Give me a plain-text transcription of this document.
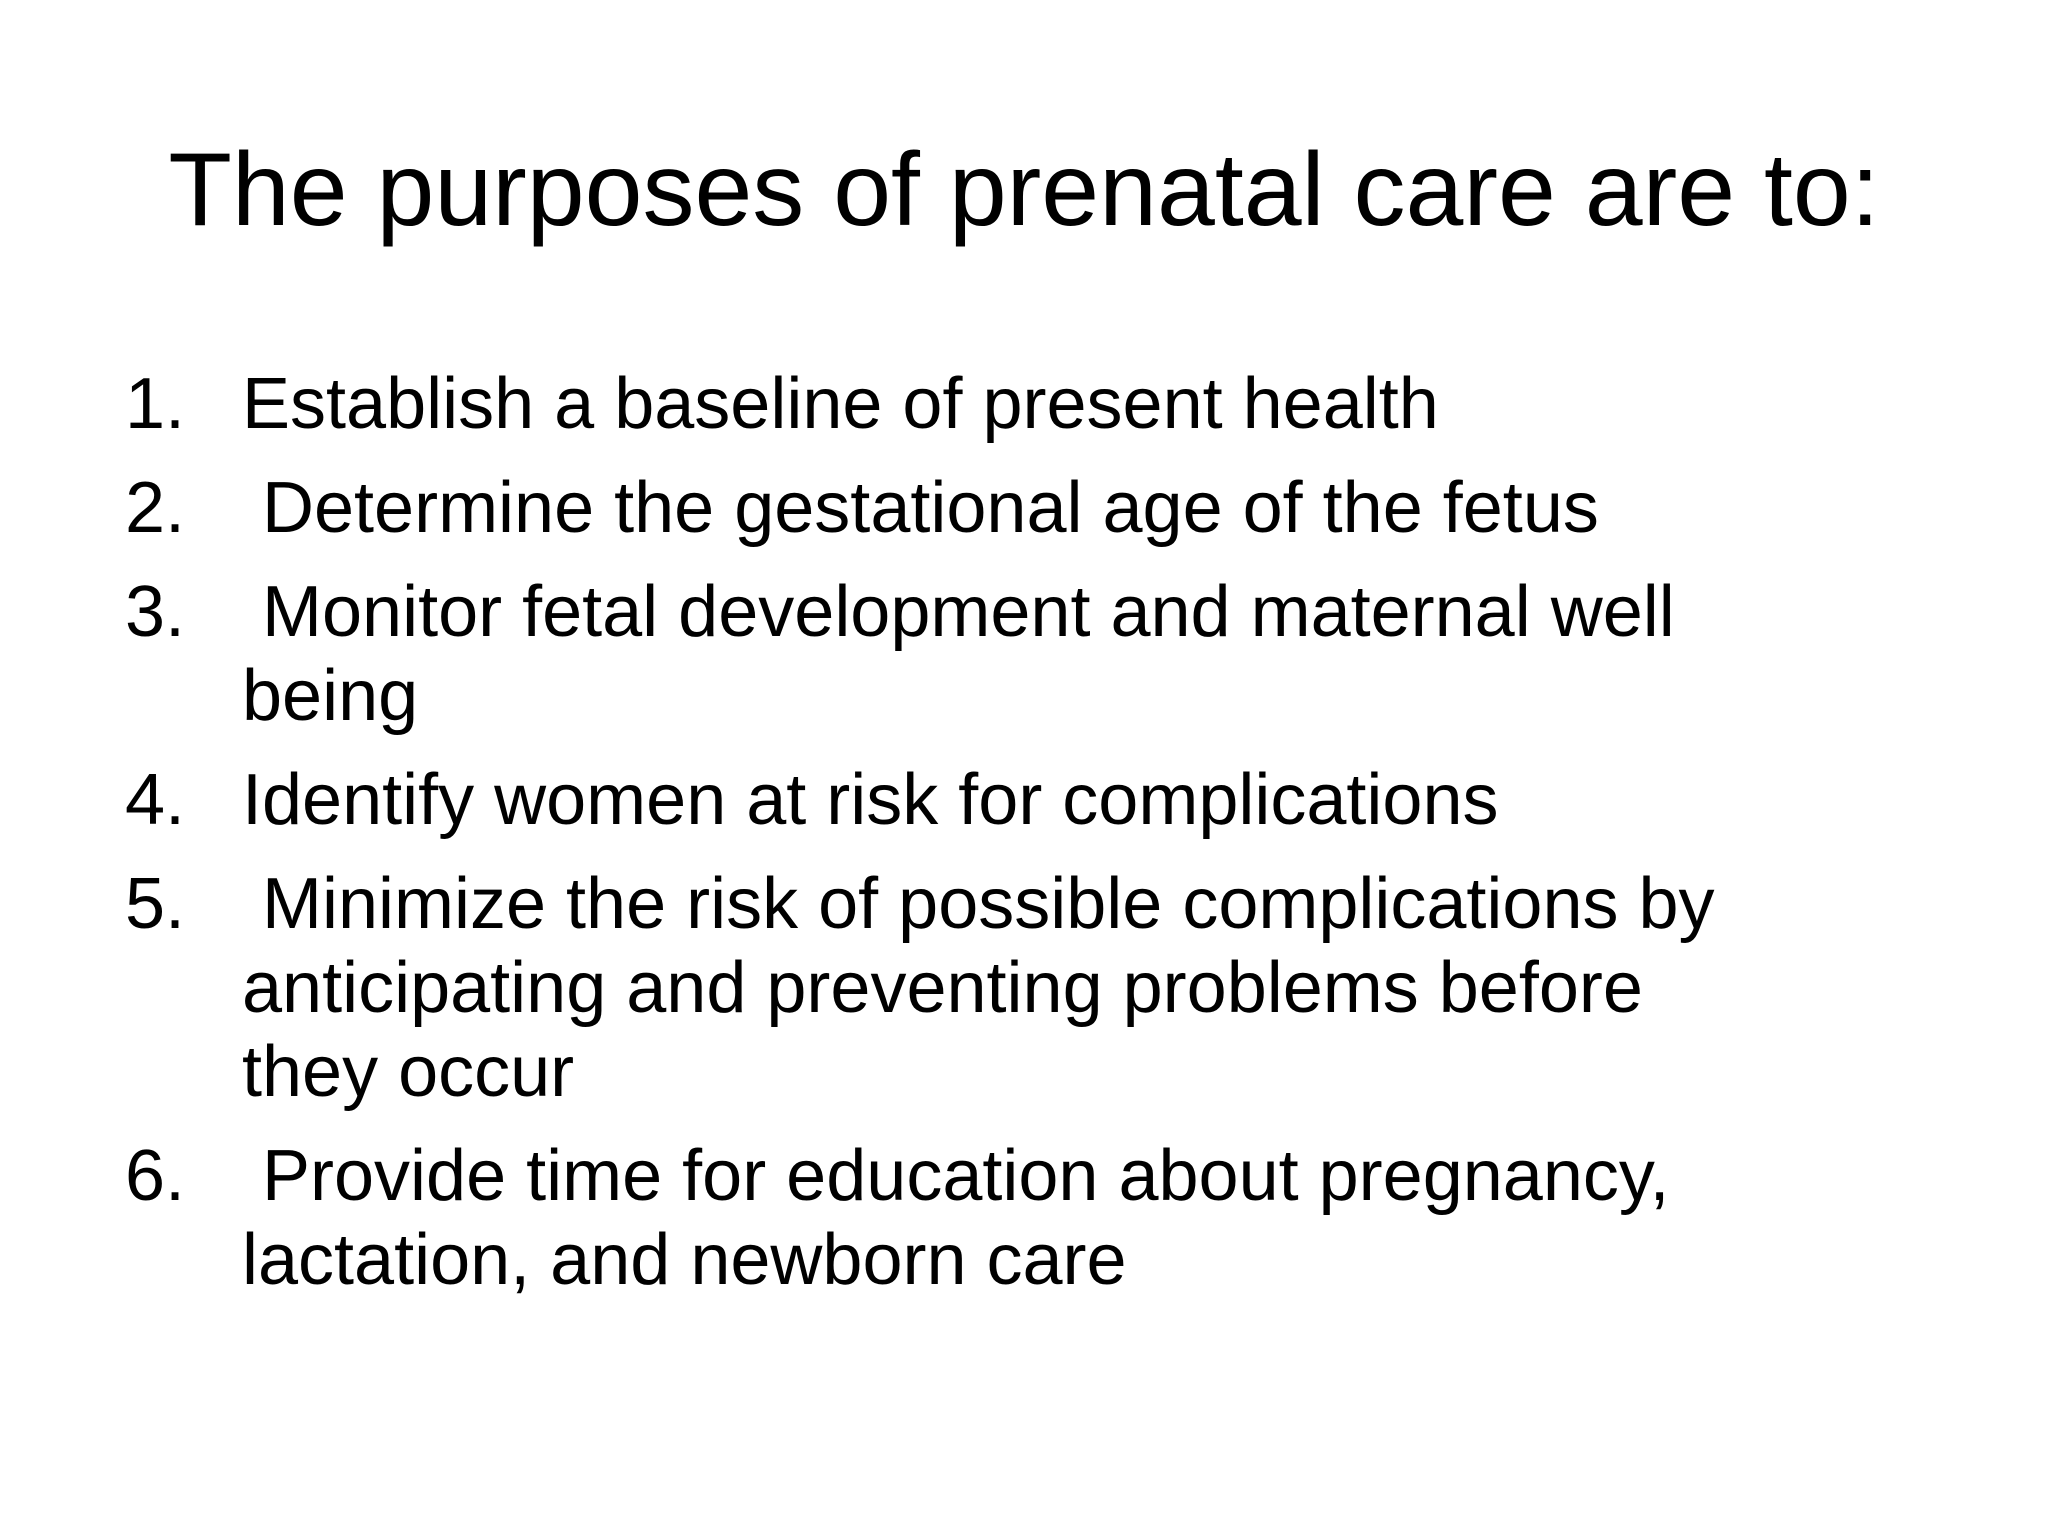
The purposes of prenatal care are to:
1. Establish a baseline of present health
2. Determine the gestational age of the fetus
3. Monitor fetal development and maternal well
being
4. Identify women at risk for complications
5. Minimize the risk of possible complications by
anticipating and preventing problems before
they occur
6. Provide time for education about pregnancy,
lactation, and newborn care
